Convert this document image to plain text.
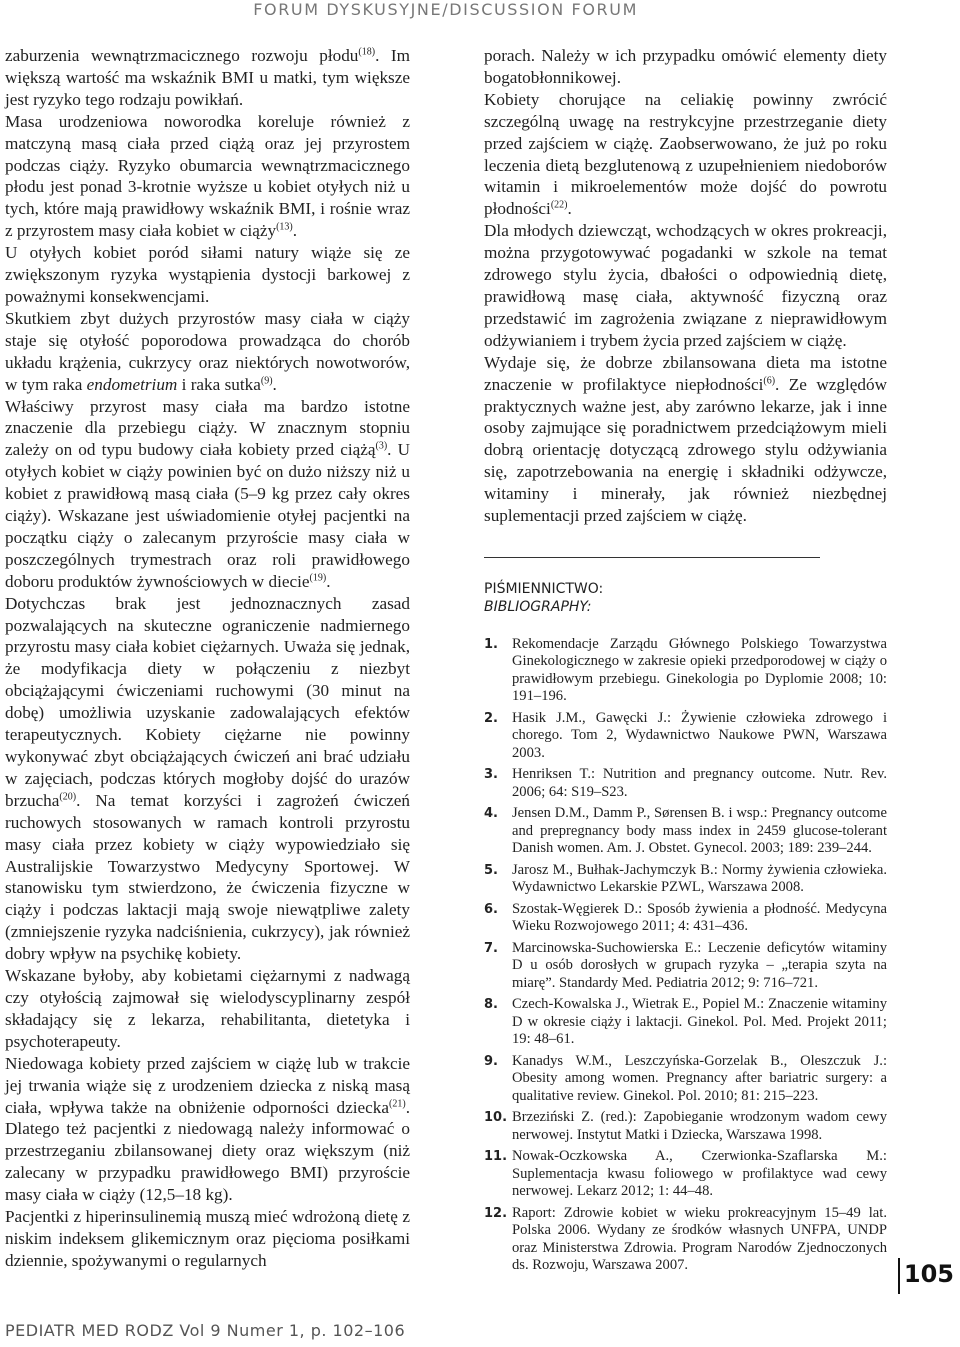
FORUM DYSKUSYJNE/DISCUSSION FORUM

zaburzenia wewnątrzmacicznego rozwoju płodu$^{(18)}$. Im większą wartość ma wskaźnik BMI u matki, tym większe jest ryzyko tego rodzaju powikłań.

Masa urodzeniowa noworodka koreluje również z matczyną masą ciała przed ciążą oraz jej przyrostem podczas ciąży. Ryzyko obumarcia wewnątrzmacicznego płodu jest ponad 3-krotnie wyższe u kobiet otyłych niż u tych, które mają prawidłowy wskaźnik BMI, i rośnie wraz z przyrostem masy ciała kobiet w ciąży$^{(13)}$.

U otyłych kobiet poród siłami natury wiąże się ze zwiększonym ryzyka wystąpienia dystocji barkowej z poważnymi konsekwencjami.

Skutkiem zbyt dużych przyrostów masy ciała w ciąży staje się otyłość poporodowa prowadząca do chorób układu krążenia, cukrzycy oraz niektórych nowotworów, w tym raka endometrium i raka sutka$^{(9)}$.

Właściwy przyrost masy ciała ma bardzo istotne znaczenie dla przebiegu ciąży. W znacznym stopniu zależy on od typu budowy ciała kobiety przed ciążą$^{(3)}$. U otyłych kobiet w ciąży powinien być on dużo niższy niż u kobiet z prawidłową masą ciała (5–9 kg przez cały okres ciąży). Wskazane jest uświadomienie otyłej pacjentki na początku ciąży o zalecanym przyroście masy ciała w poszczególnych trymestrach oraz roli prawidłowego doboru produktów żywnościowych w diecie$^{(19)}$.

Dotychczas brak jest jednoznacznych zasad pozwalających na skuteczne ograniczenie nadmiernego przyrostu masy ciała kobiet ciężarnych. Uważa się jednak, że modyfikacja diety w połączeniu z niezbyt obciążającymi ćwiczeniami ruchowymi (30 minut na dobę) umożliwia uzyskanie zadowalających efektów terapeutycznych. Kobiety ciężarne nie powinny wykonywać zbyt obciążających ćwiczeń ani brać udziału w zajęciach, podczas których mogłoby dojść do urazów brzucha$^{(20)}$. Na temat korzyści i zagrożeń ćwiczeń ruchowych stosowanych w ramach kontroli przyrostu masy ciała przez kobiety w ciąży wypowiedziało się Australijskie Towarzystwo Medycyny Sportowej. W stanowisku tym stwierdzono, że ćwiczenia fizyczne w ciąży i podczas laktacji mają swoje niewątpliwe zalety (zmniejszenie ryzyka nadciśnienia, cukrzycy), jak również dobry wpływ na psychikę kobiety.

Wskazane byłoby, aby kobietami ciężarnymi z nadwagą czy otyłością zajmował się wielodyscyplinarny zespół składający się z lekarza, rehabilitanta, dietetyka i psychoterapeuty.

Niedowaga kobiety przed zajściem w ciążę lub w trakcie jej trwania wiąże się z urodzeniem dziecka z niską masą ciała, wpływa także na obniżenie odporności dziecka$^{(21)}$. Dlatego też pacjentki z niedowagą należy informować o przestrzeganiu zbilansowanej diety oraz większym (niż zalecany w przypadku prawidłowego BMI) przyroście masy ciała w ciąży (12,5–18 kg).

Pacjentki z hiperinsulinemią muszą mieć wdrożoną dietę z niskim indeksem glikemicznym oraz pięcioma posiłkami dziennie, spożywanymi o regularnych

porach. Należy w ich przypadku omówić elementy diety bogatobłonnikowej.

Kobiety chorujące na celiakię powinny zwrócić szczególną uwagę na restrykcyjne przestrzeganie diety przed zajściem w ciążę. Zaobserwowano, że już po roku leczenia dietą bezglutenową z uzupełnieniem niedoborów witamin i mikroelementów może dojść do powrotu płodności$^{(22)}$.

Dla młodych dziewcząt, wchodzących w okres prokreacji, można przygotowywać pogadanki w szkole na temat zdrowego stylu życia, dbałości o odpowiednią dietę, prawidłową masę ciała, aktywność fizyczną oraz przedstawić im zagrożenia związane z nieprawidłowym odżywianiem i trybem życia przed zajściem w ciążę.

Wydaje się, że dobrze zbilansowana dieta ma istotne znaczenie w profilaktyce niepłodności$^{(6)}$. Ze względów praktycznych ważne jest, aby zarówno lekarze, jak i inne osoby zajmujące się poradnictwem przedciążowym mieli dobrą orientację dotyczącą zdrowego stylu odżywiania się, zapotrzebowania na energię i składniki odżywcze, witaminy i minerały, jak również niezbędnej suplementacji przed zajściem w ciążę.

PIŚMIENNICTWO:
BIBLIOGRAPHY:
1. Rekomendacje Zarządu Głównego Polskiego Towarzystwa Ginekologicznego w zakresie opieki przedporodowej w ciąży o prawidłowym przebiegu. Ginekologia po Dyplomie 2008; 10: 191–196.
2. Hasik J.M., Gawęcki J.: Żywienie człowieka zdrowego i chorego. Tom 2, Wydawnictwo Naukowe PWN, Warszawa 2003.
3. Henriksen T.: Nutrition and pregnancy outcome. Nutr. Rev. 2006; 64: S19–S23.
4. Jensen D.M., Damm P., Sørensen B. i wsp.: Pregnancy outcome and prepregnancy body mass index in 2459 glucose-tolerant Danish women. Am. J. Obstet. Gynecol. 2003; 189: 239–244.
5. Jarosz M., Bułhak-Jachymczyk B.: Normy żywienia człowieka. Wydawnictwo Lekarskie PZWL, Warszawa 2008.
6. Szostak-Węgierek D.: Sposób żywienia a płodność. Medycyna Wieku Rozwojowego 2011; 4: 431–436.
7. Marcinowska-Suchowierska E.: Leczenie deficytów witaminy D u osób dorosłych w grupach ryzyka – „terapia szyta na miarę”. Standardy Med. Pediatria 2012; 9: 716–721.
8. Czech-Kowalska J., Wietrak E., Popiel M.: Znaczenie witaminy D w okresie ciąży i laktacji. Ginekol. Pol. Med. Projekt 2011; 19: 48–61.
9. Kanadys W.M., Leszczyńska-Gorzelak B., Oleszczuk J.: Obesity among women. Pregnancy after bariatric surgery: a qualitative review. Ginekol. Pol. 2010; 81: 215–223.
10. Brzeziński Z. (red.): Zapobieganie wrodzonym wadom cewy nerwowej. Instytut Matki i Dziecka, Warszawa 1998.
11. Nowak-Oczkowska A., Czerwionka-Szaflarska M.: Suplementacja kwasu foliowego w profilaktyce wad cewy nerwowej. Lekarz 2012; 1: 44–48.
12. Raport: Zdrowie kobiet w wieku prokreacyjnym 15–49 lat. Polska 2006. Wydany ze środków własnych UNFPA, UNDP oraz Ministerstwa Zdrowia. Program Narodów Zjednoczonych ds. Rozwoju, Warszawa 2007.	105
PEDIATR MED RODZ Vol 9 Numer 1, p. 102–106
